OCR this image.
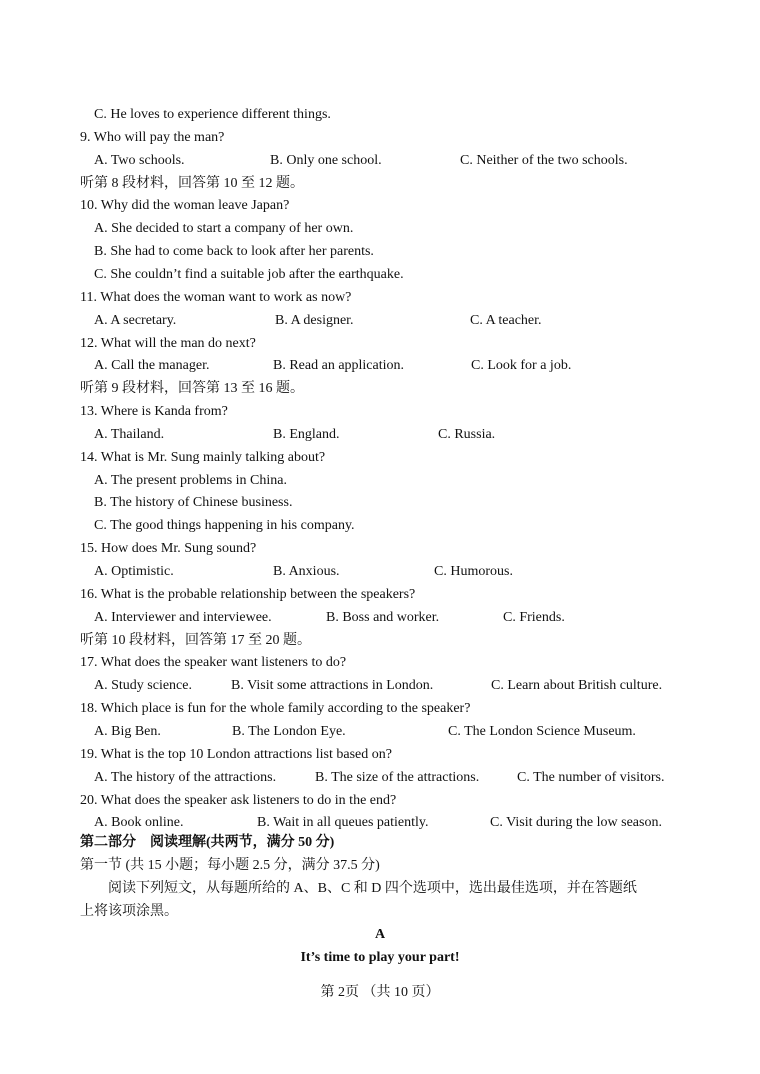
C. He loves to experience different things.
9. Who will pay the man?
A. Two schools.	B. Only one school.	C. Neither of the two schools.
听第 8 段材料，回答第 10 至 12 题。
10. Why did the woman leave Japan?
A. She decided to start a company of her own.
B. She had to come back to look after her parents.
C. She couldn’t find a suitable job after the earthquake.
11. What does the woman want to work as now?
A. A secretary.	B. A designer.	C. A teacher.
12. What will the man do next?
A. Call the manager.	B. Read an application.	C. Look for a job.
听第 9 段材料，回答第 13 至 16 题。
13. Where is Kanda from?
A. Thailand.	B. England.	C. Russia.
14. What is Mr. Sung mainly talking about?
A. The present problems in China.
B. The history of Chinese business.
C. The good things happening in his company.
15. How does Mr. Sung sound?
A. Optimistic.	B. Anxious.	C. Humorous.
16. What is the probable relationship between the speakers?
A. Interviewer and interviewee.	B. Boss and worker.	C. Friends.
听第 10 段材料，回答第 17 至 20 题。
17. What does the speaker want listeners to do?
A. Study science.	B. Visit some attractions in London.	C. Learn about British culture.
18. Which place is fun for the whole family according to the speaker?
A. Big Ben.	B. The London Eye.	C. The London Science Museum.
19. What is the top 10 London attractions list based on?
A. The history of the attractions.	B. The size of the attractions.	C. The number of visitors.
20. What does the speaker ask listeners to do in the end?
A. Book online.	B. Wait in all queues patiently.	C. Visit during the low season.
第二部分　阅读理解(共两节，满分 50 分)
第一节 (共 15 小题；每小题 2.5 分，满分 37.5 分)
阅读下列短文，从每题所给的 A、B、C 和 D 四个选项中，选出最佳选项，并在答题纸
上将该项涂黑。
A
It’s time to play your part!
第 2页 （共 10 页）
